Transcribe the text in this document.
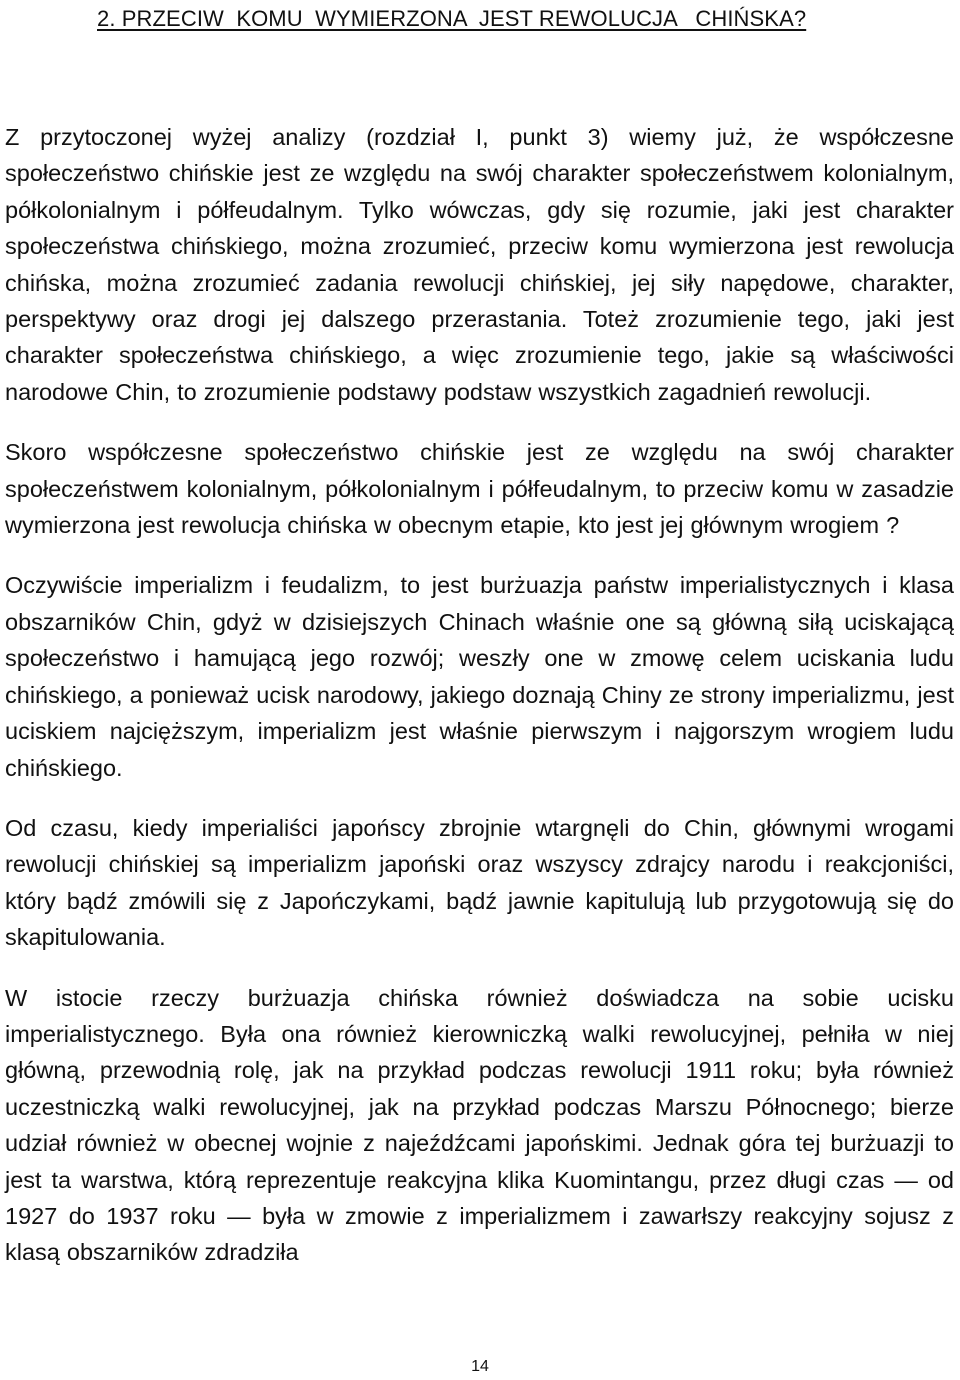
2. PRZECIW  KOMU  WYMIERZONA  JEST REWOLUCJA   CHIŃSKA?

Z przytoczonej wyżej analizy (rozdział I, punkt 3) wiemy już, że współczesne społeczeństwo chińskie jest ze względu na swój charakter społeczeństwem kolonialnym, półkolonialnym i półfeudalnym. Tylko wówczas, gdy się rozumie, jaki jest charakter społeczeństwa chińskiego, można zrozumieć, przeciw komu wymierzona jest rewolucja chińska, można zrozumieć zadania rewolucji chińskiej, jej siły napędowe, charakter, perspektywy oraz drogi jej dalszego przerastania. Toteż zrozumienie tego, jaki jest charakter społeczeństwa chińskiego, a więc zrozumienie tego, jakie są właściwości narodowe Chin, to zrozumienie podstawy podstaw wszystkich zagadnień rewolucji.

Skoro współczesne społeczeństwo chińskie jest ze względu na swój charakter społeczeństwem kolonialnym, półkolonialnym i półfeudalnym, to przeciw komu w zasadzie wymierzona jest rewolucja chińska w obecnym etapie, kto jest jej głównym wrogiem ?

Oczywiście imperializm i feudalizm, to jest burżuazja państw imperialistycznych i klasa obszarników Chin, gdyż w dzisiejszych Chinach właśnie one są główną siłą uciskającą społeczeństwo i hamującą jego rozwój; weszły one w zmowę celem uciskania ludu chińskiego, a ponieważ ucisk narodowy, jakiego doznają Chiny ze strony imperializmu, jest uciskiem najcięższym, imperializm jest właśnie pierwszym i najgorszym wrogiem ludu chińskiego.

Od czasu, kiedy imperialiści japońscy zbrojnie wtargnęli do Chin, głównymi wrogami rewolucji chińskiej są imperializm japoński oraz wszyscy zdrajcy narodu i reakcjoniści, który bądź zmówili się z Japończykami, bądź jawnie kapitulują lub przygotowują się do skapitulowania.

W istocie rzeczy burżuazja chińska również doświadcza na sobie ucisku imperialistycznego. Była ona również kierowniczką walki rewolucyjnej, pełniła w niej główną, przewodnią rolę, jak na przykład podczas rewolucji 1911 roku; była również uczestniczką walki rewolucyjnej, jak na przykład podczas Marszu Północnego; bierze udział również w obecnej wojnie z najeźdźcami japońskimi. Jednak góra tej burżuazji to jest ta warstwa, którą reprezentuje reakcyjna klika Kuomintangu, przez długi czas — od 1927 do 1937 roku — była w zmowie z imperializmem i zawarłszy reakcyjny sojusz z klasą obszarników zdradziła

14
